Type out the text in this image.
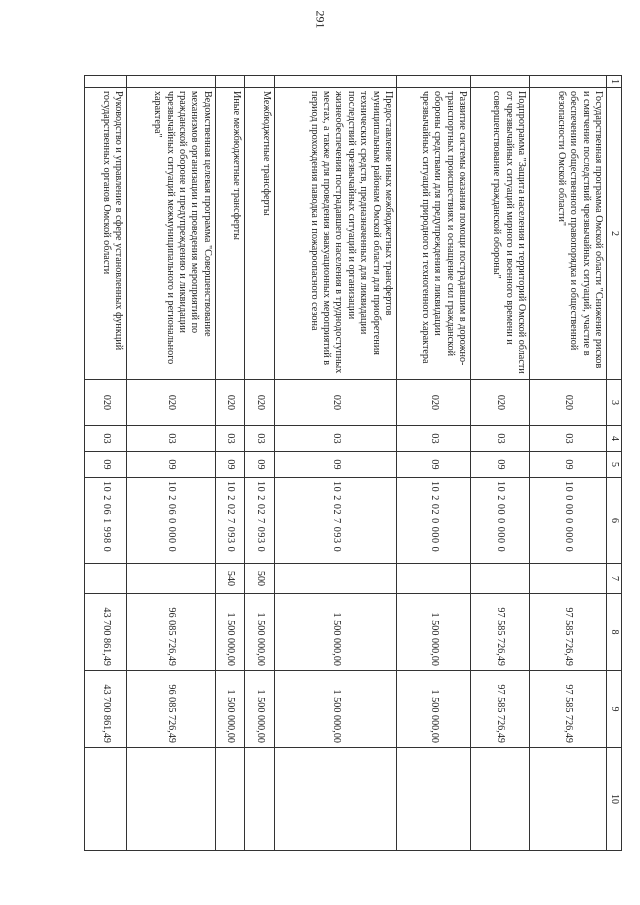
291
1	2	3	4	5	6	7	8	9	10
	Государственная программа Омской области "Снижение рисков и смягчение последствий чрезвычайных ситуаций, участие в обеспечении общественного правопорядка и общественной безопасности Омской области"	020	03	09	10 0 00 0 000 0		97 585 726,49	97 585 726,49	
	Подпрограмма "Защита населения и территорий Омской области от чрезвычайных ситуаций мирного и военного времени и совершенствование гражданской обороны"	020	03	09	10 2 00 0 000 0		97 585 726,49	97 585 726,49	
	Развитие системы оказания помощи пострадавшим в дорожно-транспортных происшествиях и оснащение сил гражданской обороны средствами для предупреждения и ликвидации чрезвычайных ситуаций природного и техногенного характера	020	03	09	10 2 02 0 000 0		1 500 000,00	1 500 000,00	
	Предоставление иных межбюджетных трансфертов муниципальным районам Омской области для приобретения технических средств, предназначенных для ликвидации последствий чрезвычайных ситуаций и организации жизнеобеспечения пострадавшего населения в труднодоступных местах, а также для проведения эвакуационных мероприятий в период прохождения паводка и пожароопасного сезона	020	03	09	10 2 02 7 093 0		1 500 000,00	1 500 000,00	
	Межбюджетные трансферты	020	03	09	10 2 02 7 093 0	500	1 500 000,00	1 500 000,00	
	Иные межбюджетные трансферты	020	03	09	10 2 02 7 093 0	540	1 500 000,00	1 500 000,00	
	Ведомственная целевая программа "Совершенствование механизмов организации и проведения мероприятий по гражданской обороне и предупреждению и ликвидации чрезвычайных ситуаций межмуниципального и регионального характера"	020	03	09	10 2 06 0 000 0		96 085 726,49	96 085 726,49	
	Руководство и управление в сфере установленных функций государственных органов Омской области	020	03	09	10 2 06 1 998 0		43 700 861,49	43 700 861,49	
